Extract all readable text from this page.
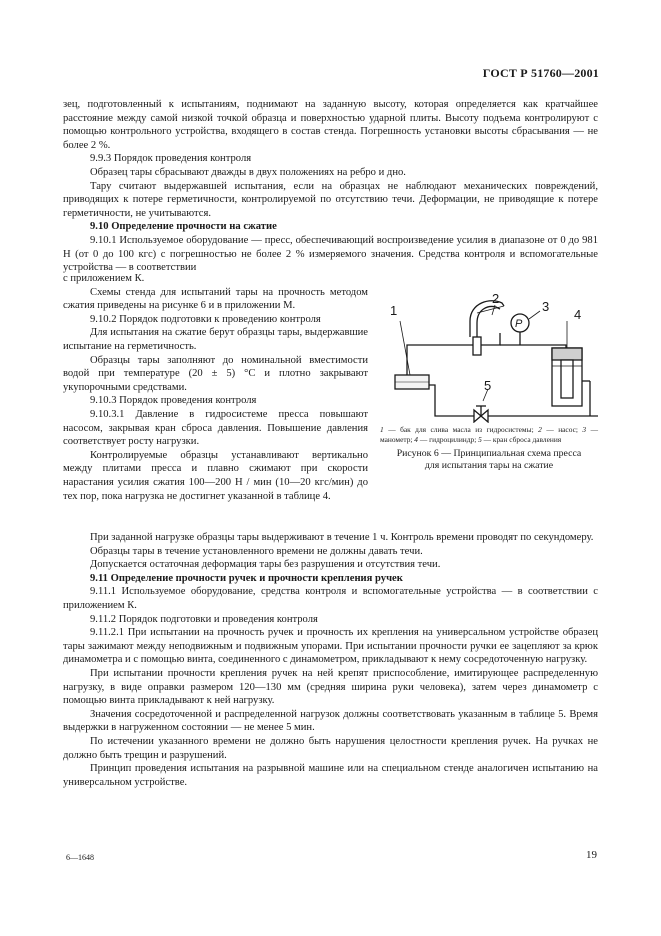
ГОСТ Р 51760—2001

зец, подготовленный к испытаниям, поднимают на заданную высоту, которая определяется как кратчайшее расстояние между самой низкой точкой образца и поверхностью ударной плиты. Высоту подъема контролируют с помощью контрольного устройства, входящего в состав стенда. Погрешность установки высоты сбрасывания — не более 2 %.

9.9.3 Порядок проведения контроля

Образец тары сбрасывают дважды в двух положениях на ребро и дно.

Тару считают выдержавшей испытания, если на образцах не наблюдают механических повреждений, приводящих к потере герметичности, контролируемой по отсутствию течи. Деформации, не приводящие к потере герметичности, не учитываются.

9.10 Определение прочности на сжатие

9.10.1 Используемое оборудование — пресс, обеспечивающий воспроизведение усилия в диапазоне от 0 до 981 Н (от 0 до 100 кгс) с погрешностью не более 2 % измеряемого значения. Средства контроля и вспомогательные устройства — в соответствии

с приложением К.

Схемы стенда для испытаний тары на прочность методом сжатия приведены на рисунке 6 и в приложении М.

9.10.2 Порядок подготовки к проведению контроля

Для испытания на сжатие берут образцы тары, выдержавшие испытание на герметичность.

Образцы тары заполняют до номинальной вместимости водой при температуре (20 ± 5) °С и плотно закрывают укупорочными средствами.

9.10.3 Порядок проведения контроля

9.10.3.1 Давление в гидросистеме пресса повышают насосом, закрывая кран сброса давления. Повышение давления соответствует росту нагрузки.

Контролируемые образцы устанавливают вертикально между плитами пресса и плавно сжимают при скорости нарастания усилия сжатия 100—200 Н / мин (10—20 кгс/мин) до тех пор, пока нагрузка не достигнет указанной в таблице 4.

1
2
3
4
5
P
1 — бак для слива масла из гидросистемы; 2 — насос; 3 — манометр; 4 — гидроцилиндр; 5 — кран сброса давления
Рисунок 6 — Принципиальная схема пресса
для испытания тары на сжатие

При заданной нагрузке образцы тары выдерживают в течение 1 ч. Контроль времени проводят по секундомеру.

Образцы тары в течение установленного времени не должны давать течи.

Допускается остаточная деформация тары без разрушения и отсутствия течи.

9.11 Определение прочности ручек и прочности крепления ручек

9.11.1 Используемое оборудование, средства контроля и вспомогательные устройства — в соответствии с приложением К.

9.11.2 Порядок подготовки и проведения контроля

9.11.2.1 При испытании на прочность ручек и прочность их крепления на универсальном устройстве образец тары зажимают между неподвижным и подвижным упорами. При испытании прочности ручки ее зацепляют за крюк динамометра и с помощью винта, соединенного с динамометром, прикладывают к нему сосредоточенную нагрузку.

При испытании прочности крепления ручек на ней крепят приспособление, имитирующее распределенную нагрузку, в виде оправки размером 120—130 мм (средняя ширина руки человека), затем через динамометр с помощью винта прикладывают к ней нагрузку.

Значения сосредоточенной и распределенной нагрузок должны соответствовать указанным в таблице 5. Время выдержки в нагруженном состоянии — не менее 5 мин.

По истечении указанного времени не должно быть нарушения целостности крепления ручек. На ручках не должно быть трещин и разрушений.

Принцип проведения испытания на разрывной машине или на специальном стенде аналогичен испытанию на универсальном устройстве.

6—1648	19
